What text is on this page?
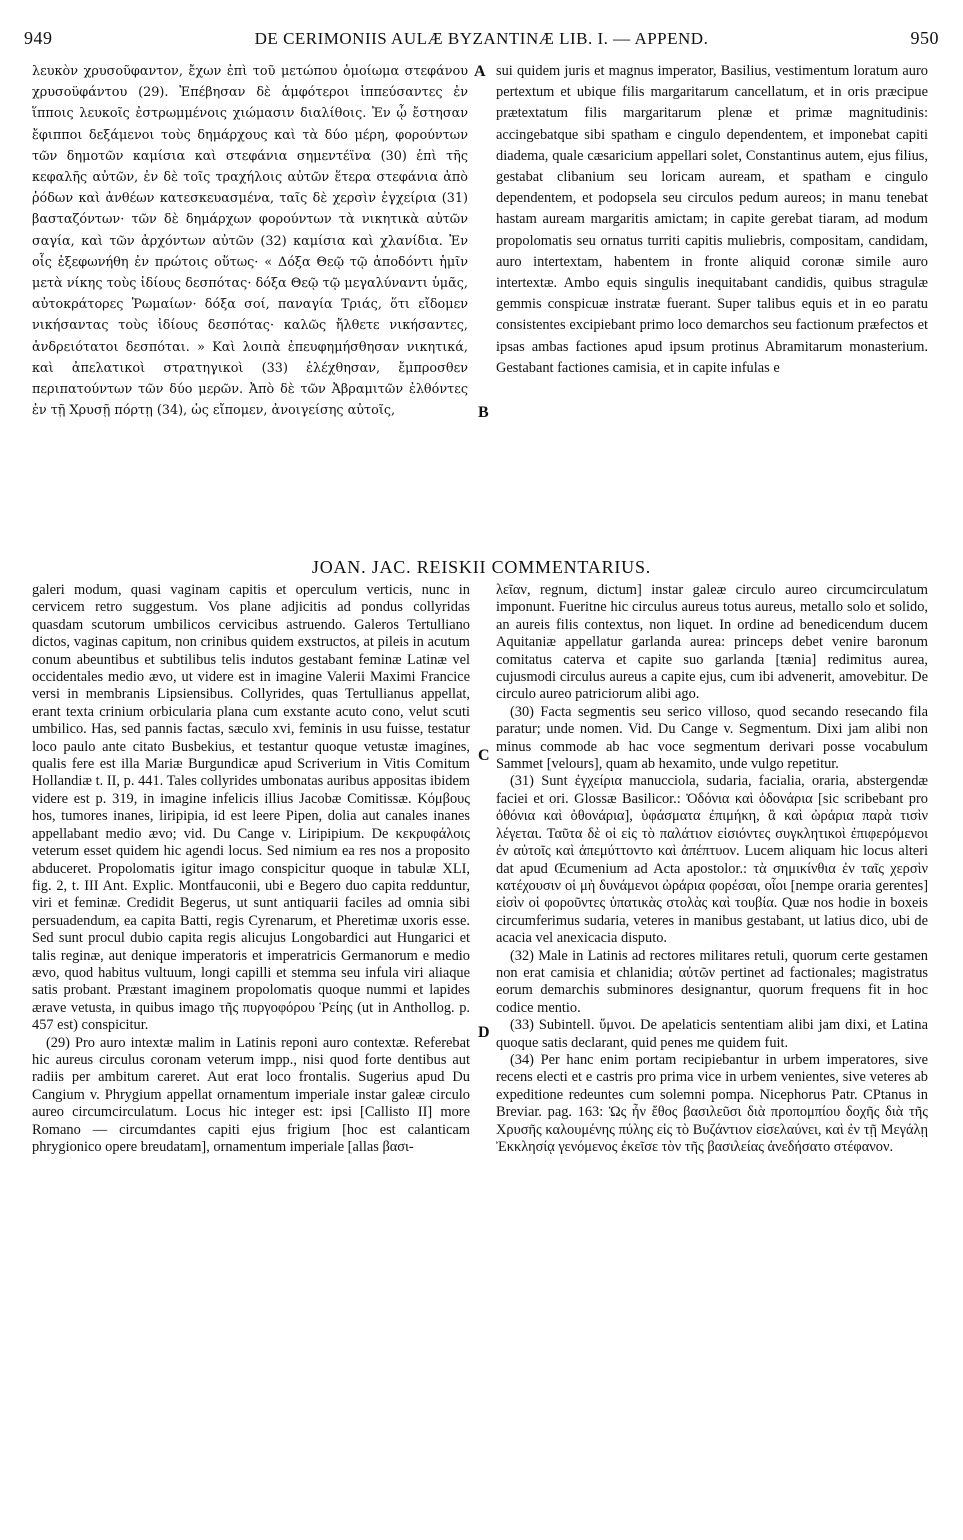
949	DE CERIMONIIS AULÆ BYZANTINÆ LIB. I. — APPEND.	950

λευκὸν χρυσοῦφαντον, ἔχων ἐπὶ τοῦ μετώπου ὁμοίωμα στεφάνου χρυσοϋφάντου (29). Ἐπέβησαν δὲ ἀμφότεροι ἱππεύσαντες ἐν ἵπποις λευκοῖς ἐστρωμμένοις χιώμασιν διαλίθοις. Ἐν ᾧ ἔστησαν ἔφιπποι δεξάμενοι τοὺς δημάρχους καὶ τὰ δύο μέρη, φορούντων τῶν δημοτῶν καμίσια καὶ στεφάνια σημεντέϊνα (30) ἐπὶ τῆς κεφαλῆς αὐτῶν, ἐν δὲ τοῖς τραχήλοις αὐτῶν ἕτερα στεφάνια ἀπὸ ῥόδων καὶ ἀνθέων κατεσκευασμένα, ταῖς δὲ χερσὶν ἐγχείρια (31) βασταζόντων· τῶν δὲ δημάρχων φορούντων τὰ νικητικὰ αὐτῶν σαγία, καὶ τῶν ἀρχόντων αὐτῶν (32) καμίσια καὶ χλανίδια. Ἐν οἷς ἐξεφωνήθη ἐν πρώτοις οὕτως· « Δόξα Θεῷ τῷ ἀποδόντι ἡμῖν μετὰ νίκης τοὺς ἰδίους δεσπότας· δόξα Θεῷ τῷ μεγαλύναντι ὑμᾶς, αὐτοκράτορες Ῥωμαίων· δόξα σοί, παναγία Τριάς, ὅτι εἴδομεν νικήσαντας τοὺς ἰδίους δεσπότας· καλῶς ἤλθετε νικήσαντες, ἀνδρειότατοι δεσπόται. » Καὶ λοιπὰ ἐπευφημήσθησαν νικητικά, καὶ ἀπελατικοὶ στρατηγικοὶ (33) ἐλέχθησαν, ἔμπροσθεν περιπατούντων τῶν δύο μερῶν. Ἀπὸ δὲ τῶν Ἀβραμιτῶν ἐλθόντες ἐν τῇ Χρυσῇ πόρτῃ (34), ὡς εἴπομεν, ἀνοιγείσης αὐτοῖς,

A
B

sui quidem juris et magnus imperator, Basilius, vestimentum loratum auro pertextum et ubique filis margaritarum cancellatum, et in oris præcipue prætextatum filis margaritarum plenæ et primæ magnitudinis: accingebatque sibi spatham e cingulo dependentem, et imponebat capiti diadema, quale cæsaricium appellari solet, Constantinus autem, ejus filius, gestabat clibanium seu loricam auream, et spatham e cingulo dependentem, et podopsela seu circulos pedum aureos; in manu tenebat hastam auream margaritis amictam; in capite gerebat tiaram, ad modum propolomatis seu ornatus turriti capitis muliebris, compositam, candidam, auro intertextam, habentem in fronte aliquid coronæ simile auro intertextæ. Ambo equis singulis inequitabant candidis, quibus stragulæ gemmis conspicuæ instratæ fuerant. Super talibus equis et in eo paratu consistentes excipiebant primo loco demarchos seu factionum præfectos et ipsas ambas factiones apud ipsum protinus Abramitarum monasterium. Gestabant factiones camisia, et in capite infulas e

JOAN. JAC. REISKII COMMENTARIUS.

galeri modum, quasi vaginam capitis et operculum verticis, nunc in cervicem retro suggestum. Vos plane adjicitis ad pondus collyridas quasdam scutorum umbilicos cervicibus astruendo. Galeros Tertulliano dictos, vaginas capitum, non crinibus quidem exstructos, at pileis in acutum conum abeuntibus et subtilibus telis indutos gestabant feminæ Latinæ vel occidentales medio ævo, ut videre est in imagine Valerii Maximi Francice versi in membranis Lipsiensibus. Collyrides, quas Tertullianus appellat, erant texta crinium orbicularia plana cum exstante acuto cono, velut scuti umbilico. Has, sed pannis factas, sæculo xvi, feminis in usu fuisse, testatur loco paulo ante citato Busbekius, et testantur quoque vetustæ imagines, qualis fere est illa Mariæ Burgundicæ apud Scriverium in Vitis Comitum Hollandiæ t. II, p. 441. Tales collyrides umbonatas auribus appositas ibidem videre est p. 319, in imagine infelicis illius Jacobæ Comitissæ. Κόμβους hos, tumores inanes, liripipia, id est leere Pipen, dolia aut canales inanes appellabant medio ævo; vid. Du Cange v. Liripipium. De κεκρυφάλοις veterum esset quidem hic agendi locus. Sed nimium ea res nos a proposito abduceret. Propolomatis igitur imago conspicitur quoque in tabulæ XLI, fig. 2, t. III Ant. Explic. Montfauconii, ubi e Begero duo capita redduntur, viri et feminæ. Credidit Begerus, ut sunt antiquarii faciles ad omnia sibi persuadendum, ea capita Batti, regis Cyrenarum, et Pheretimæ uxoris esse. Sed sunt procul dubio capita regis alicujus Longobardici aut Hungarici et talis reginæ, aut denique imperatoris et imperatricis Germanorum e medio ævo, quod habitus vultuum, longi capilli et stemma seu infula viri aliaque satis probant. Præstant imaginem propolomatis quoque nummi et lapides ærave vetusta, in quibus imago τῆς πυργοφόρου Ῥείης (ut in Anthollog. p. 457 est) conspicitur.

(29) Pro auro intextæ malim in Latinis reponi auro contextæ. Referebat hic aureus circulus coronam veterum impp., nisi quod forte dentibus aut radiis per ambitum careret. Aut erat loco frontalis. Sugerius apud Du Cangium v. Phrygium appellat ornamentum imperiale instar galeæ circulo aureo circumcirculatum. Locus hic integer est: ipsi [Callisto II] more Romano — circumdantes capiti ejus frigium [hoc est calanticam phrygionico opere breudatam], ornamentum imperiale [allas βασι-

C
D

λεῖαν, regnum, dictum] instar galeæ circulo aureo circumcirculatum imponunt. Fueritne hic circulus aureus totus aureus, metallo solo et solido, an aureis filis contextus, non liquet. In ordine ad benedicendum ducem Aquitaniæ appellatur garlanda aurea: princeps debet venire baronum comitatus caterva et capite suo garlanda [tænia] redimitus aurea, cujusmodi circulus aureus a capite ejus, cum ibi advenerit, amovebitur. De circulo aureo patriciorum alibi ago.

(30) Facta segmentis seu serico villoso, quod secando resecando fila paratur; unde nomen. Vid. Du Cange v. Segmentum. Dixi jam alibi non minus commode ab hac voce segmentum derivari posse vocabulum Sammet [velours], quam ab hexamito, unde vulgo repetitur.

(31) Sunt ἐγχείρια manucciola, sudaria, facialia, oraria, abstergendæ faciei et ori. Glossæ Basilicor.: Ὀδόνια καὶ ὀδονάρια [sic scribebant pro ὀθόνια καὶ ὀθονάρια], ὑφάσματα ἐπιμήκη, ἃ καὶ ὠράρια παρὰ τισὶν λέγεται. Ταῦτα δὲ οἱ εἰς τὸ παλάτιον εἰσιόντες συγκλητικοὶ ἐπιφερόμενοι ἐν αὐτοῖς καὶ ἀπεμύττοντο καὶ ἀπέπτυον. Lucem aliquam hic locus alteri dat apud Œcumenium ad Acta apostolor.: τὰ σημικίνθια ἐν ταῖς χερσὶν κατέχουσιν οἱ μὴ δυνάμενοι ὠράρια φορέσαι, οἷοι [nempe oraria gerentes] εἰσὶν οἱ φοροῦντες ὑπατικὰς στολὰς καὶ τουβία. Quæ nos hodie in boxeis circumferimus sudaria, veteres in manibus gestabant, ut latius dico, ubi de acacia vel anexicacia disputo.

(32) Male in Latinis ad rectores militares retuli, quorum certe gestamen non erat camisia et chlanidia; αὐτῶν pertinet ad factionales; magistratus eorum demarchis subminores designantur, quorum frequens fit in hoc codice mentio.

(33) Subintell. ὕμνοι. De apelaticis sententiam alibi jam dixi, et Latina quoque satis declarant, quid penes me quidem fuit.

(34) Per hanc enim portam recipiebantur in urbem imperatores, sive recens electi et e castris pro prima vice in urbem venientes, sive veteres ab expeditione redeuntes cum solemni pompa. Nicephorus Patr. CPtanus in Breviar. pag. 163: Ὡς ἦν ἔθος βασιλεῦσι διὰ προπομπίου δοχῆς διὰ τῆς Χρυσῆς καλουμένης πύλης εἰς τὸ Βυζάντιον εἰσελαύνει, καὶ ἐν τῇ Μεγάλῃ Ἐκκλησίᾳ γενόμενος ἐκεῖσε τὸν τῆς βασιλείας ἀνεδήσατο στέφανον.
